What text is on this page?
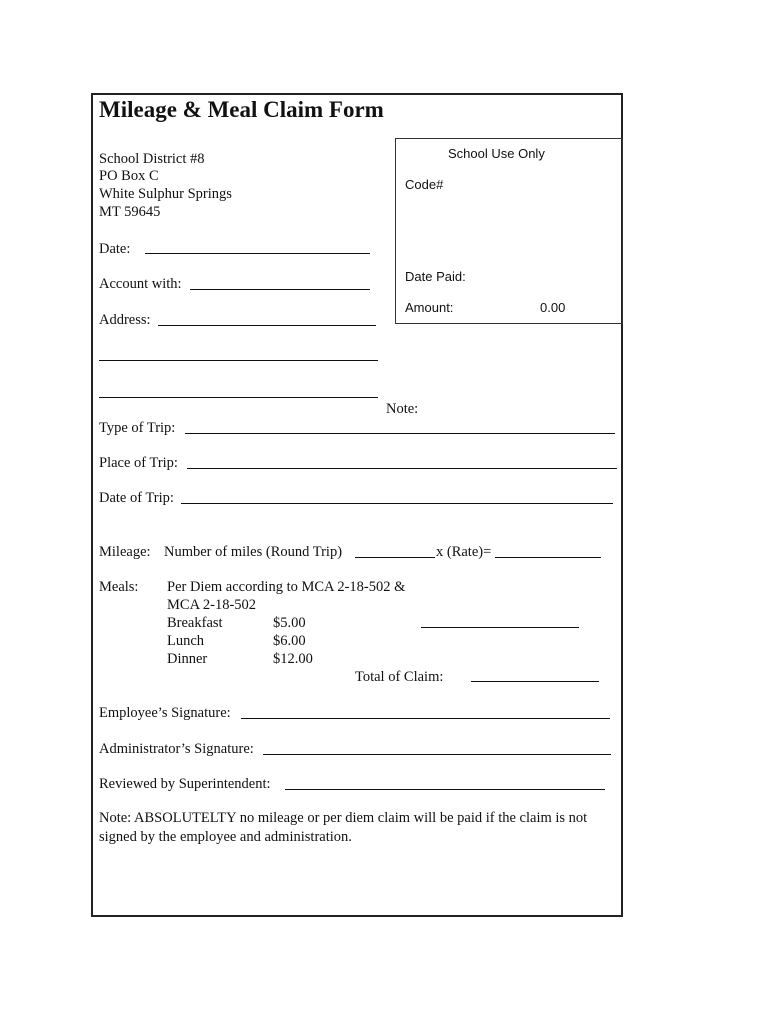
Mileage & Meal Claim Form
School District #8
PO Box C
White Sulphur Springs
MT 59645
School Use Only
Code#
Date Paid:
Amount:	0.00
Date:
Account with:
Address:
Note:
Type of Trip:
Place of Trip:
Date of Trip:
Mileage: Number of miles (Round Trip)	x (Rate)=
Meals: Per Diem according to MCA 2-18-502 &
MCA 2-18-502
Breakfast	$5.00
Lunch	$6.00
Dinner	$12.00
Total of Claim:
Employee’s Signature:
Administrator’s Signature:
Reviewed by Superintendent:
Note: ABSOLUTELTY no mileage or per diem claim will be paid if the claim is not signed by the employee and administration.
